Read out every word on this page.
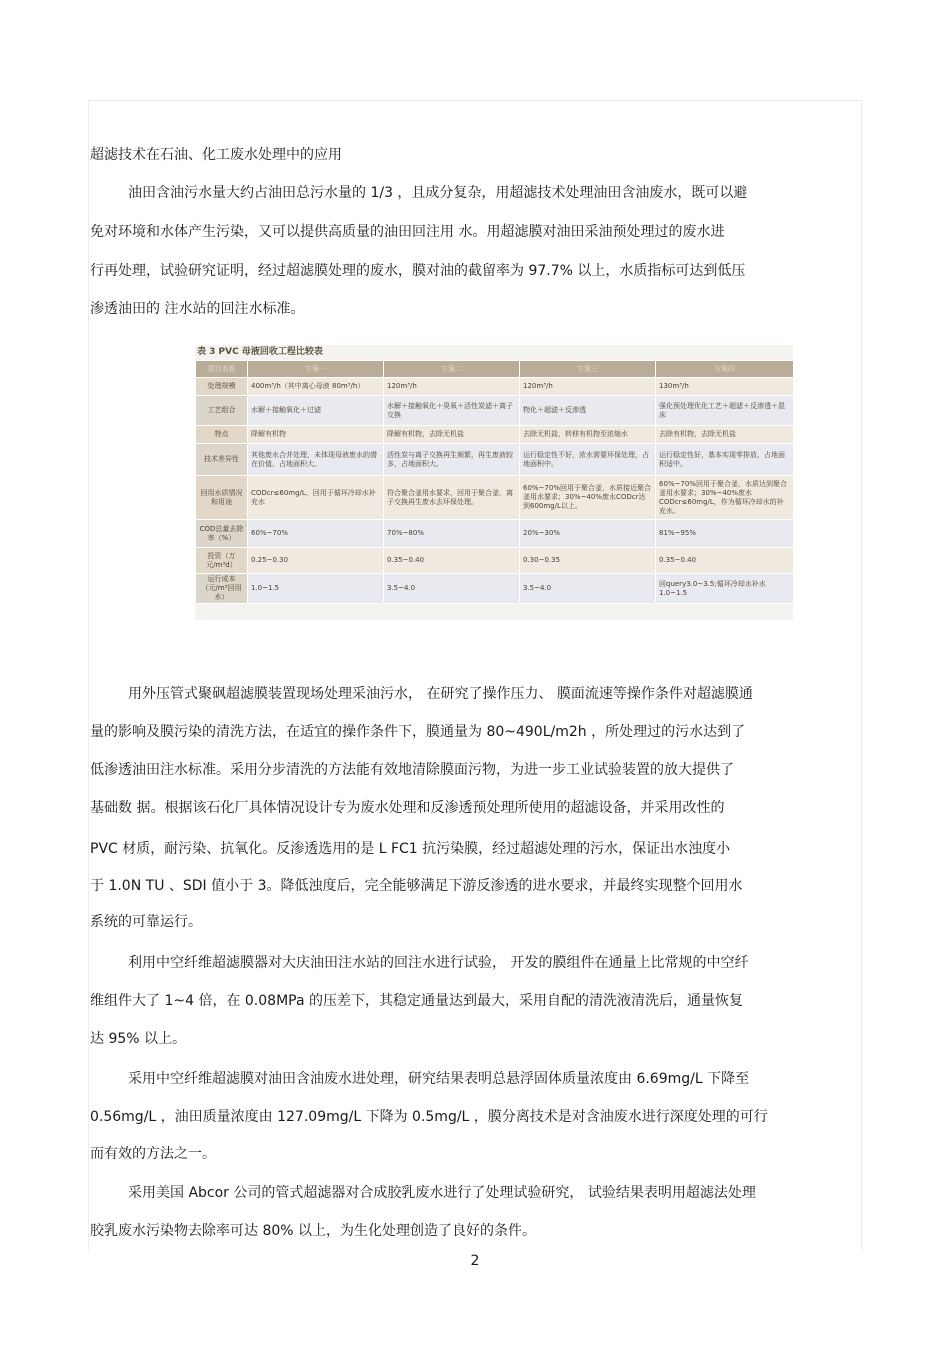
超滤技术在石油、化工废水处理中的应用
油田含油污水量大约占油田总污水量的 1/3 ，且成分复杂，用超滤技术处理油田含油废水，既可以避
免对环境和水体产生污染，又可以提供高质量的油田回注用 水。用超滤膜对油田采油预处理过的废水进
行再处理，试验研究证明，经过超滤膜处理的废水，膜对油的截留率为 97.7% 以上，水质指标可达到低压
渗透油田的 注水站的回注水标准。
表 3 PVC 母液回收工程比较表
项目名称	方案一	方案二	方案三	方案四
处理规模	400m³/h（其中离心母液 80m³/h）	120m³/h	120m³/h	130m³/h
工艺组合	水解＋接触氧化＋过滤	水解＋接触氧化＋臭氧＋活性炭滤＋离子交换	物化＋超滤＋反渗透	强化预处理优化工艺＋超滤＋反渗透＋混床
特点	降解有机物	降解有机物，去除无机盐	去除无机盐，转移有机物至浓缩水	去除有机物，去除无机盐
技术差异性	其他废水合并处理，未体现母液废水的潜在价值，占地面积大。	活性炭与离子交换再生频繁，再生废液较多，占地面积大。	运行稳定性不好，浓水需要环保处理，占地面积中。	运行稳定性好，基本实现零排放，占地面积适中。
回用水质情况和用途	CODcr≤60mg/L，回用于循环冷却水补充水	符合聚合釜用水要求，回用于聚合釜，离子交换再生废水去环保处理。	60%~70%回用于聚合釜，水质接近聚合釜用水要求；30%~40%废水CODcr达到600mg/L以上。	60%~70%回用于聚合釜，水质达到聚合釜用水要求；30%~40%废水CODcr≤60mg/L，作为循环冷却水的补充水。
COD总量去除率（%）	60%~70%	70%~80%	20%~30%	81%~95%
投资（万元/m³d）	0.25~0.30	0.35~0.40	0.30~0.35	0.35~0.40
运行成本（元/m³回用水）	1.0~1.5	3.5~4.0	3.5~4.0	回query3.0~3.5;循环冷却水补水1.0~1.5
用外压管式聚砜超滤膜装置现场处理采油污水， 在研究了操作压力、 膜面流速等操作条件对超滤膜通
量的影响及膜污染的清洗方法，在适宜的操作条件下，膜通量为 80~490L/m2h ，所处理过的污水达到了
低渗透油田注水标准。采用分步清洗的方法能有效地清除膜面污物，为进一步工业试验装置的放大提供了
基础数 据。根据该石化厂具体情况设计专为废水处理和反渗透预处理所使用的超滤设备，并采用改性的
PVC 材质，耐污染、抗氧化。反渗透选用的是 L FC1 抗污染膜，经过超滤处理的污水，保证出水浊度小
于 1.0N TU 、SDI 值小于 3。降低浊度后，完全能够满足下游反渗透的进水要求，并最终实现整个回用水
系统的可靠运行。
利用中空纤维超滤膜器对大庆油田注水站的回注水进行试验， 开发的膜组件在通量上比常规的中空纤
维组件大了 1~4 倍，在 0.08MPa 的压差下，其稳定通量达到最大，采用自配的清洗液清洗后，通量恢复
达 95% 以上。
采用中空纤维超滤膜对油田含油废水进处理，研究结果表明总悬浮固体质量浓度由 6.69mg/L 下降至
0.56mg/L ，油田质量浓度由 127.09mg/L 下降为 0.5mg/L ，膜分离技术是对含油废水进行深度处理的可行
而有效的方法之一。
采用美国 Abcor 公司的管式超滤器对合成胶乳废水进行了处理试验研究， 试验结果表明用超滤法处理
胶乳废水污染物去除率可达 80% 以上，为生化处理创造了良好的条件。
2
